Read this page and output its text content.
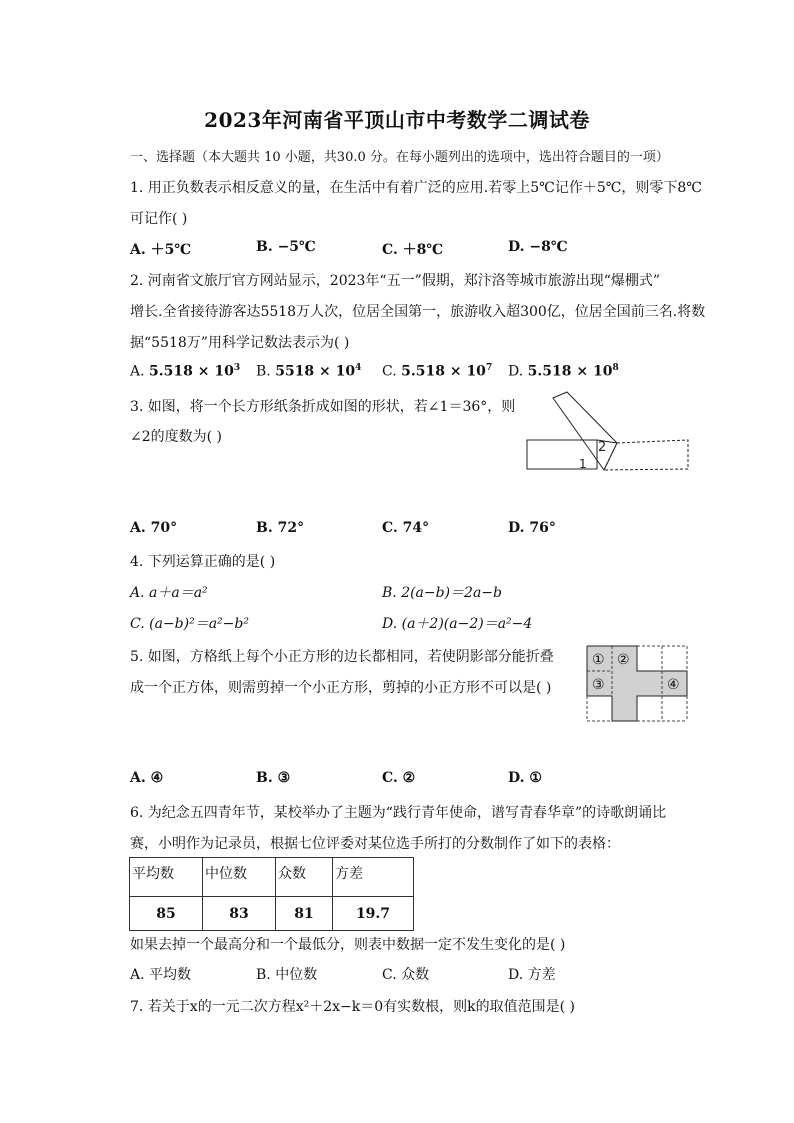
2023年河南省平顶山市中考数学二调试卷
一、选择题（本大题共 10 小题，共30.0 分。在每小题列出的选项中，选出符合题目的一项）
1. 用正负数表示相反意义的量，在生活中有着广泛的应用.若零上5℃记作＋5℃，则零下8℃
可记作( )
A. ＋5℃	B. −5℃	C. ＋8℃	D. −8℃
2. 河南省文旅厅官方网站显示，2023年“五一”假期，郑汴洛等城市旅游出现“爆棚式”
增长.全省接待游客达5518万人次，位居全国第一，旅游收入超300亿，位居全国前三名.将数
据“5518万”用科学记数法表示为( )
A. $5.518 \times 10^3$ B. $5518 \times 10^4$ C. $5.518 \times 10^7$ D. $5.518 \times 10^8$
3. 如图，将一个长方形纸条折成如图的形状，若∠1＝36°，则
∠2的度数为( )
2
1
A. 70°	B. 72°	C. 74°	D. 76°
4. 下列运算正确的是( )
A. a＋a＝a²	B. 2(a−b)＝2a−b
C. (a−b)²＝a²−b²	D. (a＋2)(a−2)＝a²−4
5. 如图，方格纸上每个小正方形的边长都相同，若使阴影部分能折叠
成一个正方体，则需剪掉一个小正方形，剪掉的小正方形不可以是( )
① ②
③	④
A. ④	B. ③	C. ②	D. ①
6. 为纪念五四青年节，某校举办了主题为“践行青年使命，谱写青春华章”的诗歌朗诵比
赛，小明作为记录员，根据七位评委对某位选手所打的分数制作了如下的表格：
平均数	中位数	众数	方差
85	83	81	19.7
如果去掉一个最高分和一个最低分，则表中数据一定不发生变化的是( )
A. 平均数	B. 中位数	C. 众数	D. 方差
7. 若关于x的一元二次方程x²＋2x−k＝0有实数根，则k的取值范围是( )
